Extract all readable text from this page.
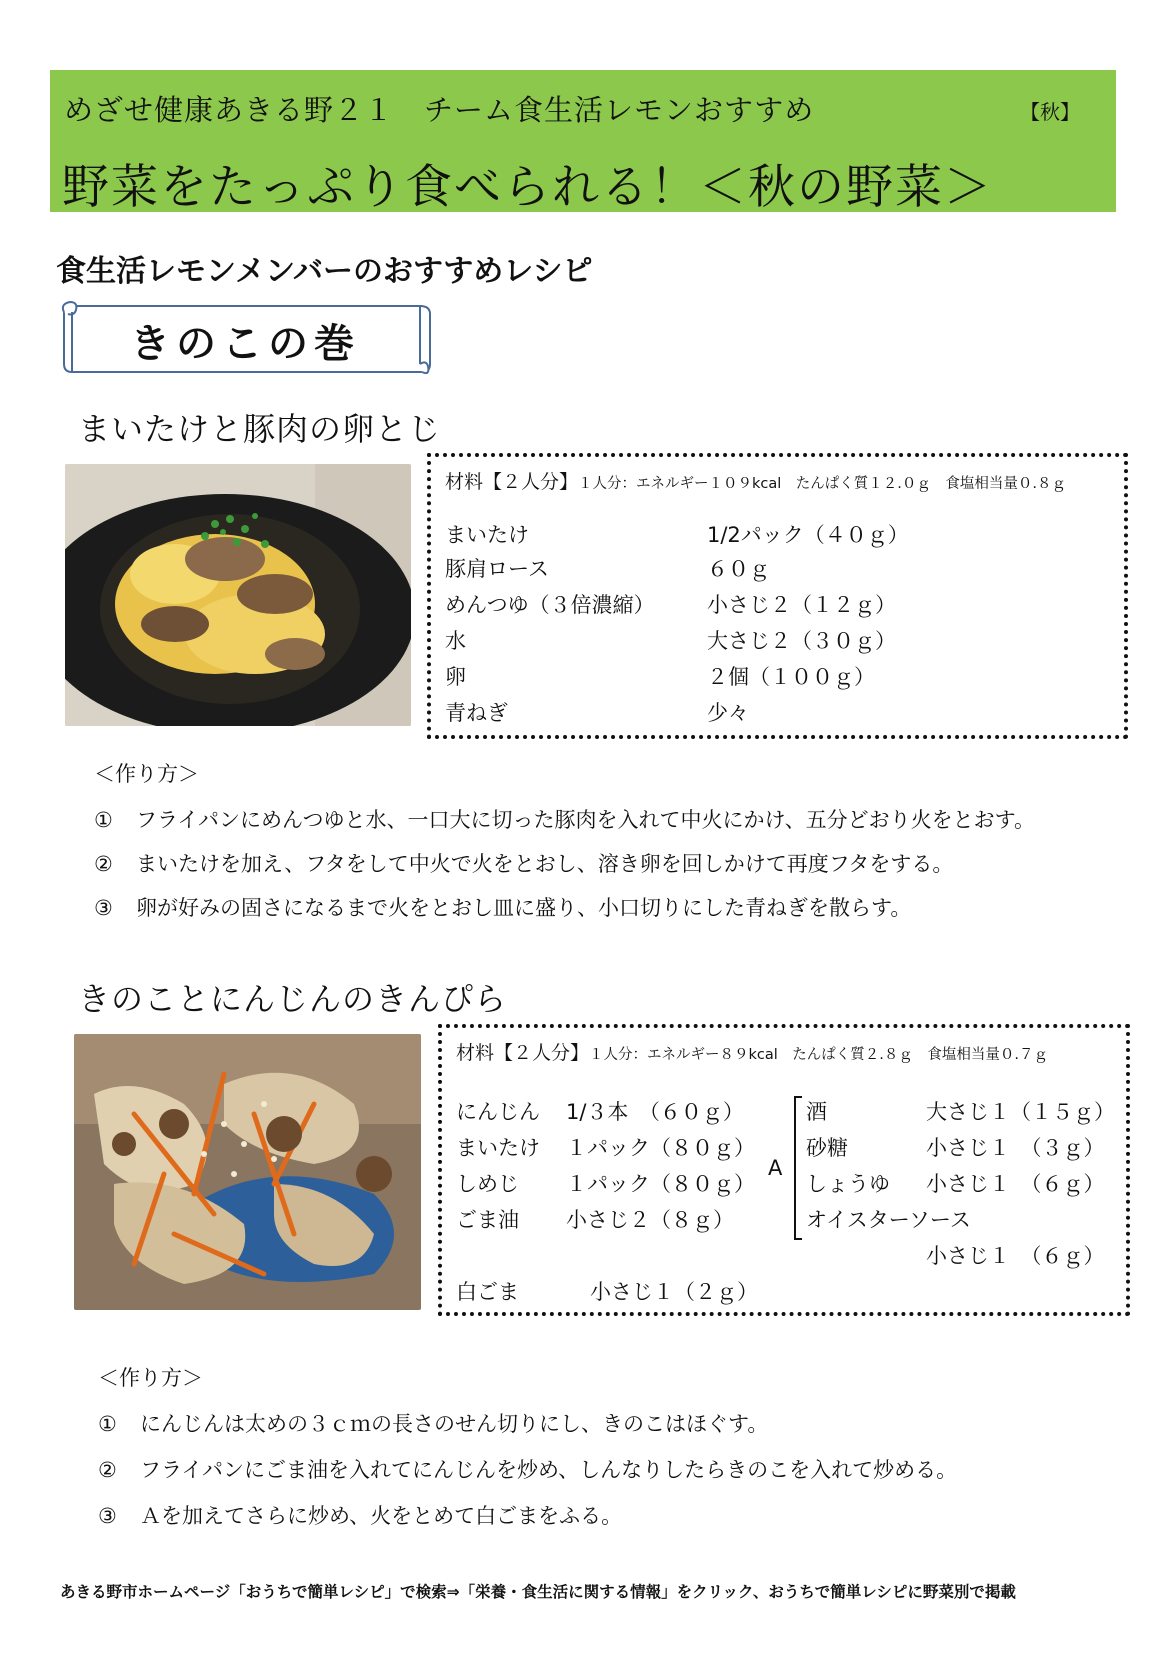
めざせ健康あきる野２１　チーム食生活レモンおすすめ	【秋】
野菜をたっぷり食べられる！＜秋の野菜＞
食生活レモンメンバーのおすすめレシピ
きのこの巻
まいたけと豚肉の卵とじ
材料【２人分】１人分：エネルギー１０９kcal　たんぱく質１２.０ｇ　食塩相当量０.８ｇ
まいたけ	1/2パック（４０ｇ）
豚肩ロース	６０ｇ
めんつゆ（３倍濃縮） 小さじ２（１２ｇ）
水	大さじ２（３０ｇ）
卵	２個（１００ｇ）
青ねぎ	少々
＜作り方＞
① フライパンにめんつゆと水、一口大に切った豚肉を入れて中火にかけ、五分どおり火をとおす。
② まいたけを加え、フタをして中火で火をとおし、溶き卵を回しかけて再度フタをする。
③ 卵が好みの固さになるまで火をとおし皿に盛り、小口切りにした青ねぎを散らす。
きのことにんじんのきんぴら
材料【２人分】１人分：エネルギー８９kcal　たんぱく質２.８ｇ　食塩相当量０.７ｇ
にんじん 1/３本　（６０ｇ）
まいたけ １パック（８０ｇ）
しめじ １パック（８０ｇ）
ごま油 小さじ２（８ｇ）
A
酒	大さじ１（１５ｇ）
砂糖	小さじ１　（３ｇ）
しょうゆ 小さじ１　（６ｇ）
オイスターソース
小さじ１　（６ｇ）
白ごま	小さじ１（２ｇ）
＜作り方＞
① にんじんは太めの３ｃｍの長さのせん切りにし、きのこはほぐす。
② フライパンにごま油を入れてにんじんを炒め、しんなりしたらきのこを入れて炒める。
③ Ａを加えてさらに炒め、火をとめて白ごまをふる。
あきる野市ホームページ「おうちで簡単レシピ」で検索⇒「栄養・食生活に関する情報」をクリック、おうちで簡単レシピに野菜別で掲載
